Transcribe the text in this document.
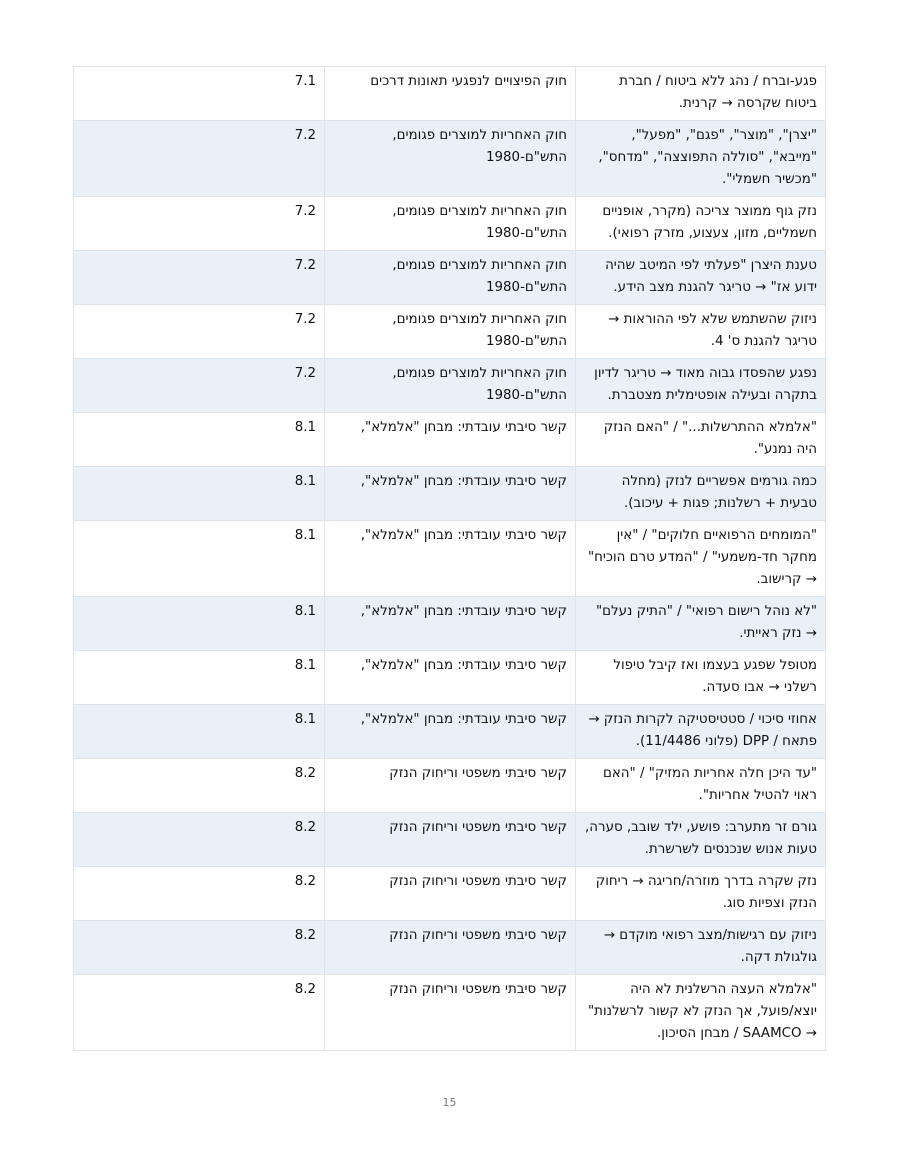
פגע-וברח / נהג ללא ביטוח / חברת ביטוח שקרסה → קרנית.	חוק הפיצויים לנפגעי תאונות דרכים	7.1
"יצרן", "מוצר", "פגם", "מפעל", "מייבא", "סוללה התפוצצה", "מדחס", "מכשיר חשמלי".	חוק האחריות למוצרים פגומים, התש"ם-1980	7.2
נזק גוף ממוצר צריכה (מקרר, אופניים חשמליים, מזון, צעצוע, מזרק רפואי).	חוק האחריות למוצרים פגומים, התש"ם-1980	7.2
טענת היצרן "פעלתי לפי המיטב שהיה ידוע אז" → טריגר להגנת מצב הידע.	חוק האחריות למוצרים פגומים, התש"ם-1980	7.2
ניזוק שהשתמש שלא לפי ההוראות → טריגר להגנת ס' 4.	חוק האחריות למוצרים פגומים, התש"ם-1980	7.2
נפגע שהפסדו גבוה מאוד → טריגר לדיון בתקרה ובעילה אופטימלית מצטברת.	חוק האחריות למוצרים פגומים, התש"ם-1980	7.2
"אלמלא ההתרשלות..." / "האם הנזק היה נמנע".	קשר סיבתי עובדתי: מבחן "אלמלא",	8.1
כמה גורמים אפשריים לנזק (מחלה טבעית + רשלנות; פגות + עיכוב).	קשר סיבתי עובדתי: מבחן "אלמלא",	8.1
"המומחים הרפואיים חלוקים" / "אין מחקר חד-משמעי" / "המדע טרם הוכיח" → קרישוב.	קשר סיבתי עובדתי: מבחן "אלמלא",	8.1
"לא נוהל רישום רפואי" / "התיק נעלם" → נזק ראייתי.	קשר סיבתי עובדתי: מבחן "אלמלא",	8.1
מטופל שפגע בעצמו ואז קיבל טיפול רשלני → אבו סעדה.	קשר סיבתי עובדתי: מבחן "אלמלא",	8.1
אחוזי סיכוי / סטטיסטיקה לקרות הנזק → פתאח / DPP (פלוני 11/4486).	קשר סיבתי עובדתי: מבחן "אלמלא",	8.1
"עד היכן חלה אחריות המזיק" / "האם ראוי להטיל אחריות".	קשר סיבתי משפטי וריחוק הנזק	8.2
גורם זר מתערב: פושע, ילד שובב, סערה, טעות אנוש שנכנסים לשרשרת.	קשר סיבתי משפטי וריחוק הנזק	8.2
נזק שקרה בדרך מוזרה/חריגה → ריחוק הנזק וצפיות סוג.	קשר סיבתי משפטי וריחוק הנזק	8.2
ניזוק עם רגישות/מצב רפואי מוקדם → גולגולת דקה.	קשר סיבתי משפטי וריחוק הנזק	8.2
"אלמלא העצה הרשלנית לא היה יוצא/פועל, אך הנזק לא קשור לרשלנות" → SAAMCO / מבחן הסיכון.	קשר סיבתי משפטי וריחוק הנזק	8.2
15
